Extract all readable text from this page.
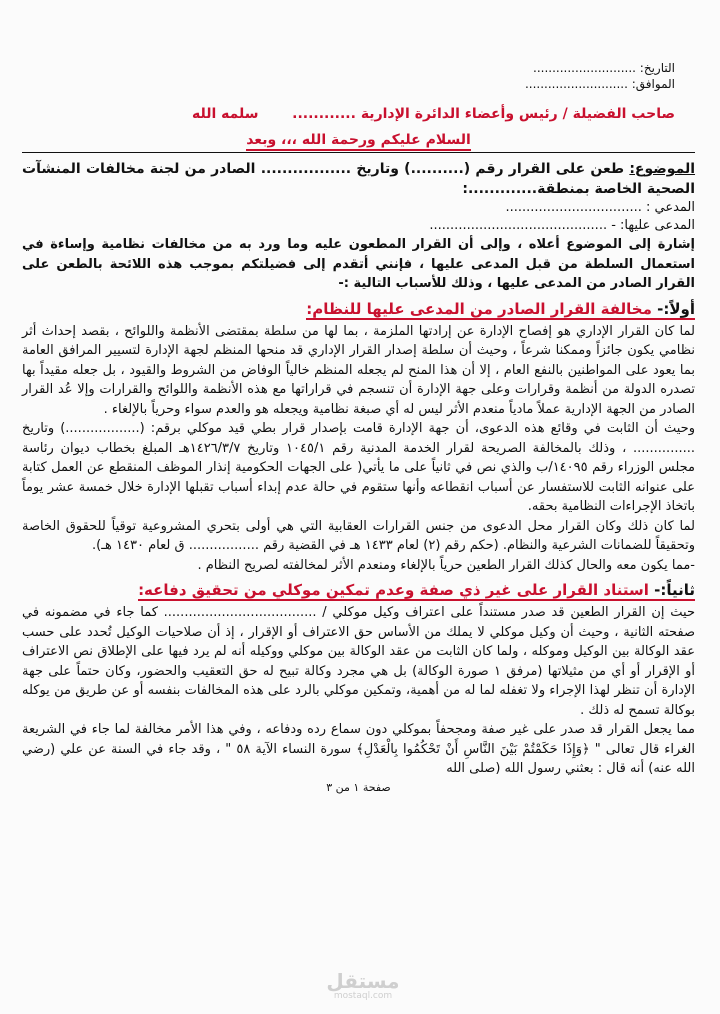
التاريخ: ...........................
الموافق: ...........................
صاحب الفضيلة / رئيس وأعضاء الدائرة الإدارية ............
سلمه الله
السلام عليكم ورحمة الله ،،، وبعد
الموضوع: طعن على القرار رقم (..........) وتاريخ ................. الصادر من لجنة مخالفات المنشآت الصحية الخاصة بمنطقة.............:
المدعي : .................................
المدعى عليها: - ...........................................

إشارة إلى الموضوع أعلاه ، وإلى أن القرار المطعون عليه وما ورد به من مخالفات نظامية وإساءة في استعمال السلطة من قبل المدعى عليها ، فإنني أتقدم إلى فضيلتكم بموجب هذه اللائحة بالطعن على القرار الصادر من المدعى عليها ، وذلك للأسباب التالية :-

أولاً:- مخالفة القرار الصادر من المدعى عليها للنظام:

لما كان القرار الإداري هو إفصاح الإدارة عن إرادتها الملزمة ، بما لها من سلطة بمقتضى الأنظمة واللوائح ، بقصد إحداث أثر نظامي يكون جائزاً وممكنا شرعاً ، وحيث أن سلطة إصدار القرار الإداري قد منحها المنظم لجهة الإدارة لتسيير المرافق العامة بما يعود على المواطنين بالنفع العام ، إلا أن هذا المنح لم يجعله المنظم خالياً الوفاض من الشروط والقيود ، بل جعله مقيداً بها تصدره الدولة من أنظمة وقرارات وعلى جهة الإدارة أن تنسجم في قراراتها مع هذه الأنظمة واللوائح والقرارات وإلا عُد القرار الصادر من الجهة الإدارية عملاً مادياً منعدم الأثر ليس له أي صبغة نظامية ويجعله هو والعدم سواء وحرياً بالإلغاء .

وحيث أن الثابت في وقائع هذه الدعوى، أن جهة الإدارة قامت بإصدار قرار بطي قيد موكلي برقم: (..................) وتاريخ ............... ، وذلك بالمخالفة الصريحة لقرار الخدمة المدنية رقم ١٠٤٥/١ وتاريخ ١٤٢٦/٣/٧هـ المبلغ بخطاب ديوان رئاسة مجلس الوزراء رقم ١٤٠٩٥/ب والذي نص في ثانياً على ما يأتي( على الجهات الحكومية إنذار الموظف المنقطع عن العمل كتابة على عنوانه الثابت للاستفسار عن أسباب انقطاعه وأنها ستقوم في حالة عدم إبداء أسباب تقبلها الإدارة خلال خمسة عشر يوماً باتخاذ الإجراءات النظامية بحقه.

لما كان ذلك وكان القرار محل الدعوى من جنس القرارات العقابية التي هي أولى بتحري المشروعية توقياً للحقوق الخاصة وتحقيقاً للضمانات الشرعية والنظام. (حكم رقم (٢) لعام ١٤٣٣ هـ في القضية رقم ................. ق لعام ١٤٣٠ هـ).

-مما يكون معه والحال كذلك القرار الطعين حرياً بالإلغاء ومنعدم الأثر لمخالفته لصريح النظام .

ثانياً:- استناد القرار على غير ذي صفة وعدم تمكين موكلي من تحقيق دفاعه:

حيث إن القرار الطعين قد صدر مستنداً على اعتراف وكيل موكلي / ..................................... كما جاء في مضمونه في صفحته الثانية ، وحيث أن وكيل موكلي لا يملك من الأساس حق الاعتراف أو الإقرار ، إذ أن صلاحيات الوكيل تُحدد على حسب عقد الوكالة بين الوكيل وموكله ، ولما كان الثابت من عقد الوكالة بين موكلي ووكيله أنه لم يرد فيها على الإطلاق نص الاعتراف أو الإقرار أو أي من مثيلاتها (مرفق ١ صورة الوكالة) بل هي مجرد وكالة تبيح له حق التعقيب والحضور، وكان حتماً على جهة الإدارة أن تنظر لهذا الإجراء ولا تغفله لما له من أهمية، وتمكين موكلي بالرد على هذه المخالفات بنفسه أو عن طريق من يوكله بوكالة تسمح له ذلك .

مما يجعل القرار قد صدر على غير صفة ومجحفاً بموكلي دون سماع رده ودفاعه ، وفي هذا الأمر مخالفة لما جاء في الشريعة الغراء قال تعالى " ﴿وَإِذَا حَكَمْتُمْ بَيْنَ النَّاسِ أَنْ تَحْكُمُوا بِالْعَدْلِ﴾ سورة النساء الآية ٥٨ " ، وقد جاء في السنة عن علي (رضي الله عنه) أنه قال : بعثني رسول الله (صلى الله

صفحة ١ من ٣
مستقل
mostaql.com
